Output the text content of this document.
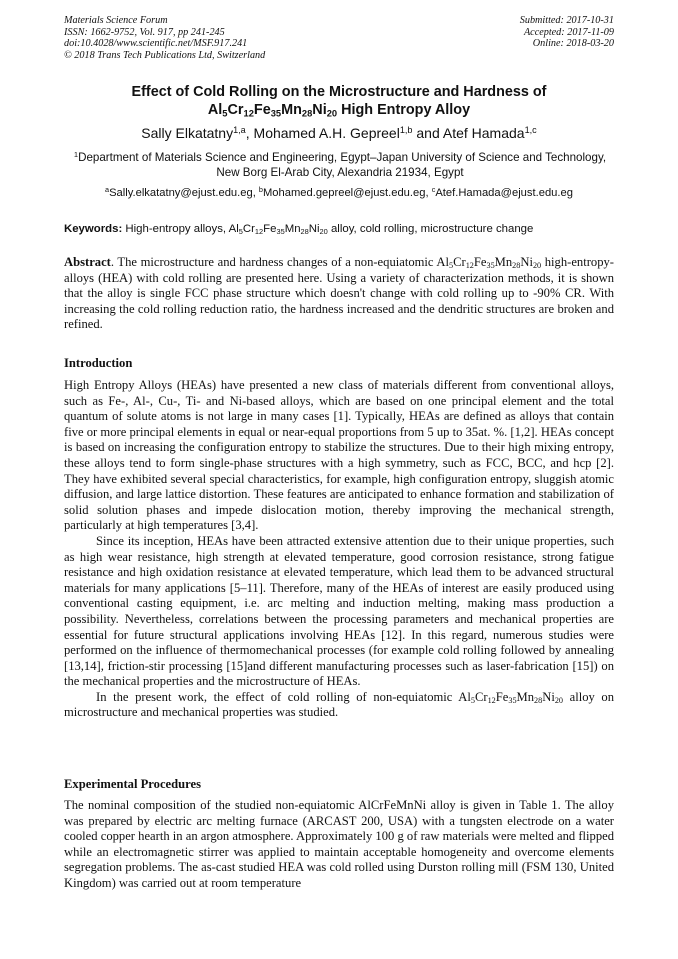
Materials Science Forum
ISSN: 1662-9752, Vol. 917, pp 241-245
doi:10.4028/www.scientific.net/MSF.917.241
© 2018 Trans Tech Publications Ltd, Switzerland
Submitted: 2017-10-31
Accepted: 2017-11-09
Online: 2018-03-20
Effect of Cold Rolling on the Microstructure and Hardness of
$Al_5Cr_{12}Fe_{35}Mn_{28}Ni_{20}$ High Entropy Alloy
Sally Elkatatny$^{1,a}$, Mohamed A.H. Gepreel$^{1,b}$ and Atef Hamada$^{1,c}$
$^1$Department of Materials Science and Engineering, Egypt–Japan University of Science and Technology, New Borg El-Arab City, Alexandria 21934, Egypt
$^a$Sally.elkatatny@ejust.edu.eg, $^b$Mohamed.gepreel@ejust.edu.eg, $^c$Atef.Hamada@ejust.edu.eg
Keywords: High-entropy alloys, $Al_5Cr_{12}Fe_{35}Mn_{28}Ni_{20}$ alloy, cold rolling, microstructure change

Abstract. The microstructure and hardness changes of a non-equiatomic $Al_5Cr_{12}Fe_{35}Mn_{28}Ni_{20}$ high-entropy-alloys (HEA) with cold rolling are presented here. Using a variety of characterization methods, it is shown that the alloy is single FCC phase structure which doesn't change with cold rolling up to -90% CR. With increasing the cold rolling reduction ratio, the hardness increased and the dendritic structures are broken and refined.

Introduction

High Entropy Alloys (HEAs) have presented a new class of materials different from conventional alloys, such as Fe-, Al-, Cu-, Ti- and Ni-based alloys, which are based on one principal element and the total quantum of solute atoms is not large in many cases [1]. Typically, HEAs are defined as alloys that contain five or more principal elements in equal or near-equal proportions from 5 up to 35at. %. [1,2]. HEAs concept is based on increasing the configuration entropy to stabilize the structures. Due to their high mixing entropy, these alloys tend to form single-phase structures with a high symmetry, such as FCC, BCC, and hcp [2]. They have exhibited several special characteristics, for example, high configuration entropy, sluggish atomic diffusion, and large lattice distortion. These features are anticipated to enhance formation and stabilization of solid solution phases and impede dislocation motion, thereby improving the mechanical strength, particularly at high temperatures [3,4].

Since its inception, HEAs have been attracted extensive attention due to their unique properties, such as high wear resistance, high strength at elevated temperature, good corrosion resistance, strong fatigue resistance and high oxidation resistance at elevated temperature, which lead them to be advanced structural materials for many applications [5–11]. Therefore, many of the HEAs of interest are easily produced using conventional casting equipment, i.e. arc melting and induction melting, making mass production a possibility. Nevertheless, correlations between the processing parameters and mechanical properties are essential for future structural applications involving HEAs [12]. In this regard, numerous studies were performed on the influence of thermomechanical processes (for example cold rolling followed by annealing [13,14], friction-stir processing [15]and different manufacturing processes such as laser-fabrication [15]) on the mechanical properties and the microstructure of HEAs.

In the present work, the effect of cold rolling of non-equiatomic $Al_5Cr_{12}Fe_{35}Mn_{28}Ni_{20}$ alloy on microstructure and mechanical properties was studied.

Experimental Procedures

The nominal composition of the studied non-equiatomic AlCrFeMnNi alloy is given in Table 1. The alloy was prepared by electric arc melting furnace (ARCAST 200, USA) with a tungsten electrode on a water cooled copper hearth in an argon atmosphere. Approximately 100 g of raw materials were melted and flipped while an electromagnetic stirrer was applied to maintain acceptable homogeneity and overcome elements segregation problems. The as-cast studied HEA was cold rolled using Durston rolling mill (FSM 130, United Kingdom) was carried out at room temperature
